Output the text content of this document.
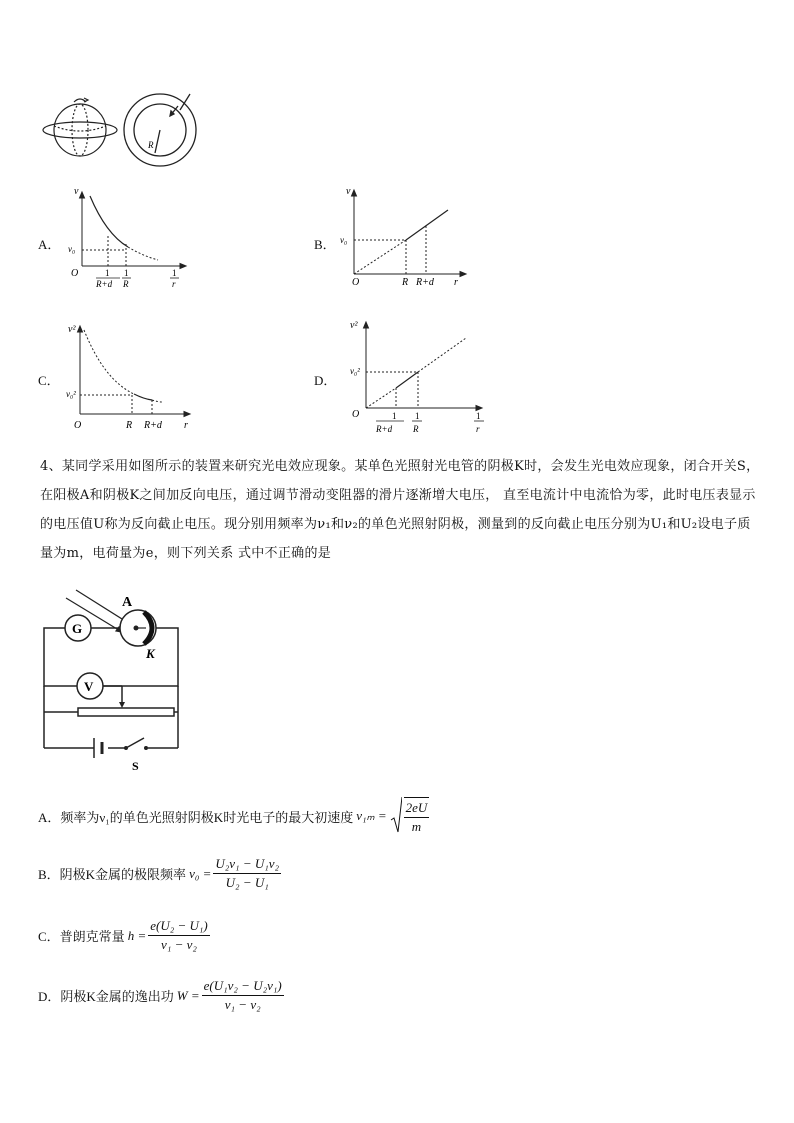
R
A．
v
v₀
O	1
R+d
1
R
1
r
B．
v
v₀
O	R R+d r
C．
v²
v₀²
O	R R+d r
D．
v²
v₀²
O	1
R+d
1
R
1
r
4、某同学采用如图所示的装置来研究光电效应现象。某单色光照射光电管的阴极K时，会发生光电效应现象，闭合开关S，在阳极A和阴极K之间加反向电压，通过调节滑动变阻器的滑片逐渐增大电压， 直至电流计中电流恰为零，此时电压表显示的电压值U称为反向截止电压。现分别用频率为ν₁和ν₂的单色光照射阴极，测量到的反向截止电压分别为U₁和U₂设电子质量为m，电荷量为e，则下列关系 式中不正确的是
A
K
G
V
S
A． 频率为ν₁的单色光照射阴极K时光电子的最大初速度 $\nu_{1m} = \frac{2eU}{m}$
B． 阴极K金属的极限频率 $\nu_0 = \frac{\text{U₂ν₁ − U₁ν₂}}{\text{U₂ − U₁}}$
C． 普朗克常量 $h = \frac{\text{e(U₂ − U₁)}}{\text{ν₁ − ν₂}}$
D． 阴极K金属的逸出功 $W = \frac{\text{e(U₁ν₂ − U₂ν₁)}}{\text{ν₁ − ν₂}}$
